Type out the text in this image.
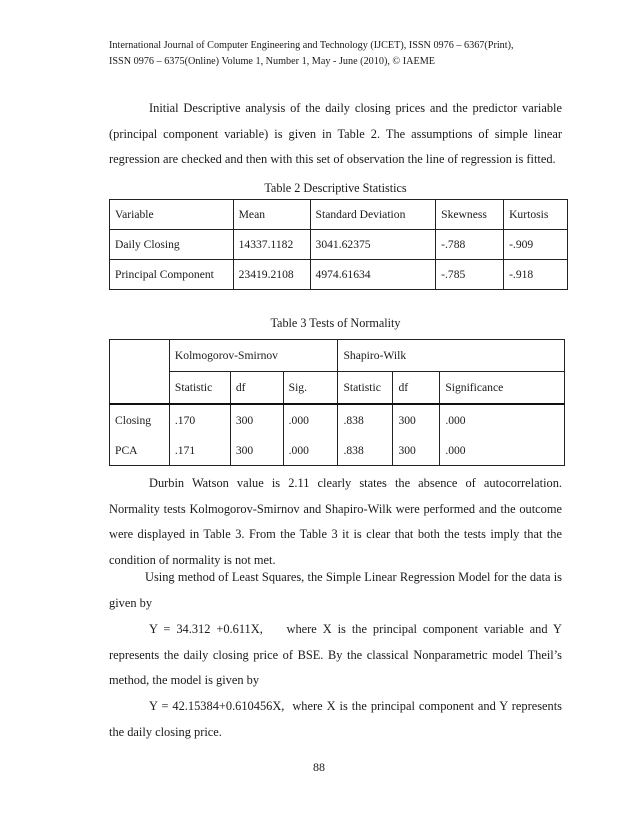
International Journal of Computer Engineering and Technology (IJCET), ISSN 0976 – 6367(Print),
ISSN 0976 – 6375(Online) Volume 1, Number 1, May - June (2010), © IAEME

Initial Descriptive analysis of the daily closing prices and the predictor variable (principal component variable) is given in Table 2. The assumptions of simple linear regression are checked and then with this set of observation the line of regression is fitted.

Table 2 Descriptive Statistics

Variable	Mean	Standard Deviation	Skewness	Kurtosis
Daily Closing	14337.1182	3041.62375	-.788	-.909
Principal Component	23419.2108	4974.61634	-.785	-.918

Table 3 Tests of Normality

	Kolmogorov-Smirnov			Shapiro-Wilk		
	Statistic	df	Sig.	Statistic	df	Significance
Closing	.170	300	.000	.838	300	.000
PCA	.171	300	.000	.838	300	.000

Durbin Watson value is 2.11 clearly states the absence of autocorrelation. Normality tests Kolmogorov-Smirnov and Shapiro-Wilk were performed and the outcome were displayed in Table 3. From the Table 3 it is clear that both the tests imply that the condition of normality is not met.

Using method of Least Squares, the Simple Linear Regression Model for the data is given by

Y = 34.312 +0.611X,    where X is the principal component variable and Y represents the daily closing price of BSE. By the classical Nonparametric model Theil’s method, the model is given by

Y = 42.15384+0.610456X,  where X is the principal component and Y represents the daily closing price.

88
